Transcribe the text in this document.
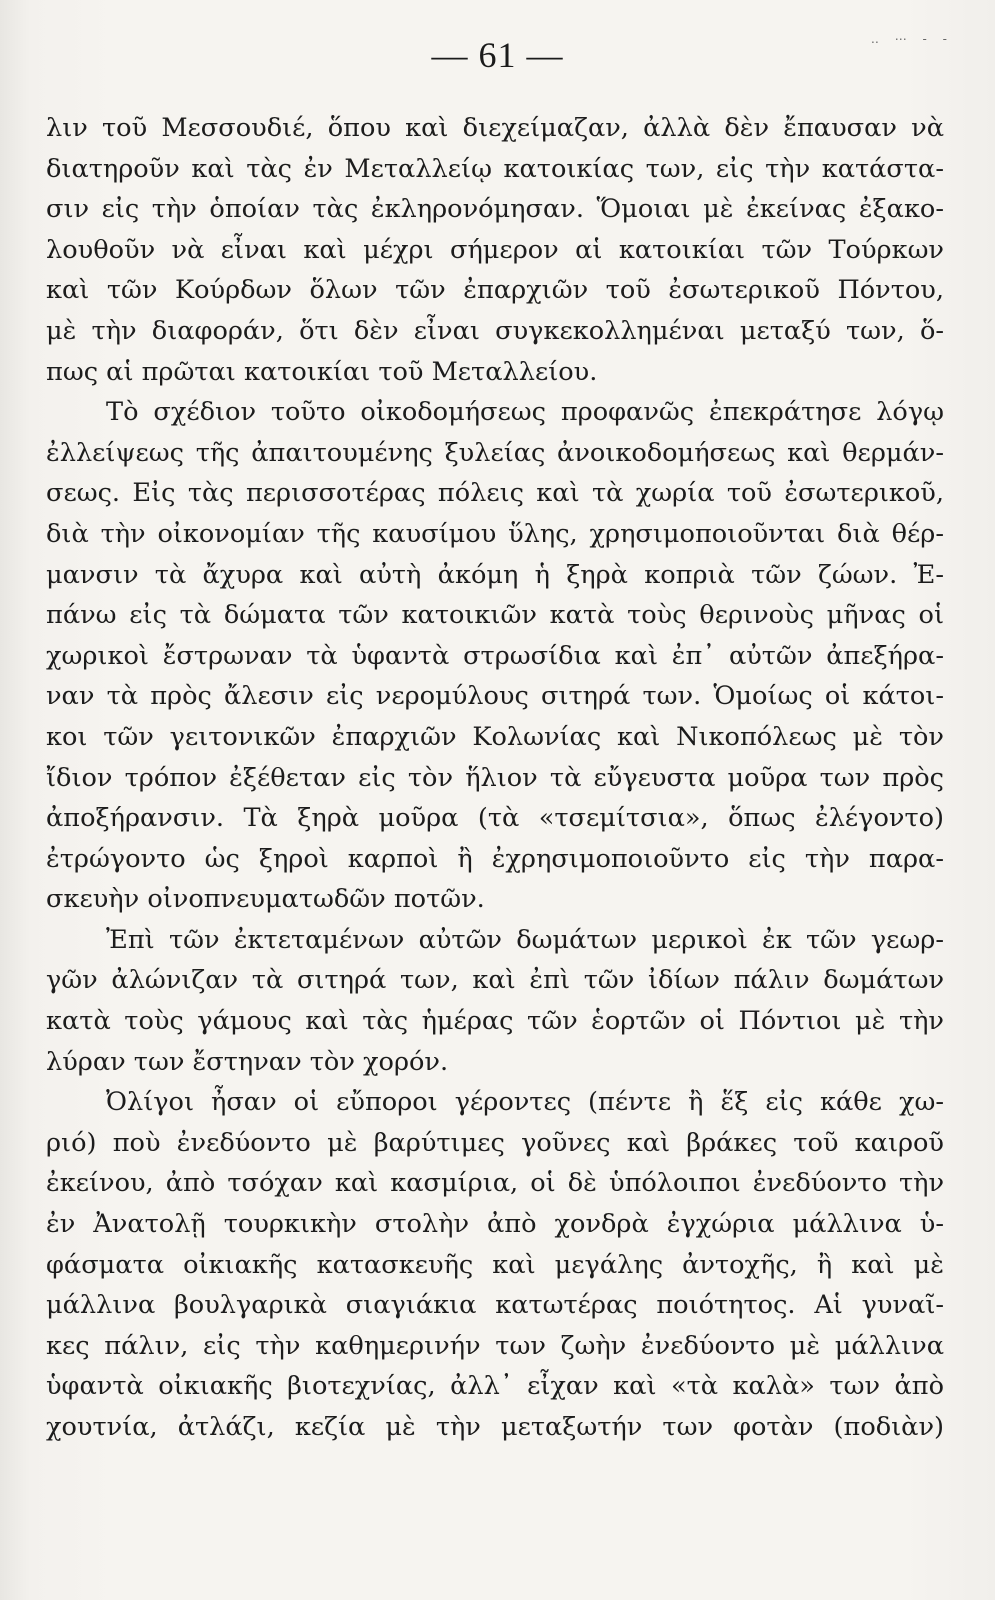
‥ ⋯ ‐ ‐
— 61 —
λιν τοῦ Μεσσουδιέ, ὅπου καὶ διεχείμαζαν, ἀλλὰ δὲν ἔπαυσαν νὰ
διατηροῦν καὶ τὰς ἐν Μεταλλείῳ κατοικίας των, εἰς τὴν κατάστα-
σιν εἰς τὴν ὁποίαν τὰς ἐκληρονόμησαν. Ὅμοιαι μὲ ἐκείνας ἐξακο-
λουθοῦν νὰ εἶναι καὶ μέχρι σήμερον αἱ κατοικίαι τῶν Τούρκων
καὶ τῶν Κούρδων ὅλων τῶν ἐπαρχιῶν τοῦ ἐσωτερικοῦ Πόντου,
μὲ τὴν διαφοράν, ὅτι δὲν εἶναι συγκεκολλημέναι μεταξύ των, ὅ-
πως αἱ πρῶται κατοικίαι τοῦ Μεταλλείου.
Τὸ σχέδιον τοῦτο οἰκοδομήσεως προφανῶς ἐπεκράτησε λόγῳ
ἐλλείψεως τῆς ἀπαιτουμένης ξυλείας ἀνοικοδομήσεως καὶ θερμάν-
σεως. Εἰς τὰς περισσοτέρας πόλεις καὶ τὰ χωρία τοῦ ἐσωτερικοῦ,
διὰ τὴν οἰκονομίαν τῆς καυσίμου ὕλης, χρησιμοποιοῦνται διὰ θέρ-
μανσιν τὰ ἄχυρα καὶ αὐτὴ ἀκόμη ἡ ξηρὰ κοπριὰ τῶν ζώων. Ἐ-
πάνω εἰς τὰ δώματα τῶν κατοικιῶν κατὰ τοὺς θερινοὺς μῆνας οἱ
χωρικοὶ ἔστρωναν τὰ ὑφαντὰ στρωσίδια καὶ ἐπ᾽ αὐτῶν ἀπεξήρα-
ναν τὰ πρὸς ἄλεσιν εἰς νερομύλους σιτηρά των. Ὁμοίως οἱ κάτοι-
κοι τῶν γειτονικῶν ἐπαρχιῶν Κολωνίας καὶ Νικοπόλεως μὲ τὸν
ἴδιον τρόπον ἐξέθεταν εἰς τὸν ἥλιον τὰ εὔγευστα μοῦρα των πρὸς
ἀποξήρανσιν. Τὰ ξηρὰ μοῦρα (τὰ «τσεμίτσια», ὅπως ἐλέγοντο)
ἐτρώγοντο ὡς ξηροὶ καρποὶ ἢ ἐχρησιμοποιοῦντο εἰς τὴν παρα-
σκευὴν οἰνοπνευματωδῶν ποτῶν.
Ἐπὶ τῶν ἐκτεταμένων αὐτῶν δωμάτων μερικοὶ ἐκ τῶν γεωρ-
γῶν ἀλώνιζαν τὰ σιτηρά των, καὶ ἐπὶ τῶν ἰδίων πάλιν δωμάτων
κατὰ τοὺς γάμους καὶ τὰς ἡμέρας τῶν ἑορτῶν οἱ Πόντιοι μὲ τὴν
λύραν των ἔστηναν τὸν χορόν.
Ὀλίγοι ἦσαν οἱ εὔποροι γέροντες (πέντε ἢ ἕξ εἰς κάθε χω-
ριό) ποὺ ἐνεδύοντο μὲ βαρύτιμες γοῦνες καὶ βράκες τοῦ καιροῦ
ἐκείνου, ἀπὸ τσόχαν καὶ κασμίρια, οἱ δὲ ὑπόλοιποι ἐνεδύοντο τὴν
ἐν Ἀνατολῇ τουρκικὴν στολὴν ἀπὸ χονδρὰ ἐγχώρια μάλλινα ὑ-
φάσματα οἰκιακῆς κατασκευῆς καὶ μεγάλης ἀντοχῆς, ἢ καὶ μὲ
μάλλινα βουλγαρικὰ σιαγιάκια κατωτέρας ποιότητος. Αἱ γυναῖ-
κες πάλιν, εἰς τὴν καθημερινήν των ζωὴν ἐνεδύοντο μὲ μάλλινα
ὑφαντὰ οἰκιακῆς βιοτεχνίας, ἀλλ᾽ εἶχαν καὶ «τὰ καλὰ» των ἀπὸ
χουτνία, ἀτλάζι, κεζία μὲ τὴν μεταξωτήν των φοτὰν (ποδιὰν)
